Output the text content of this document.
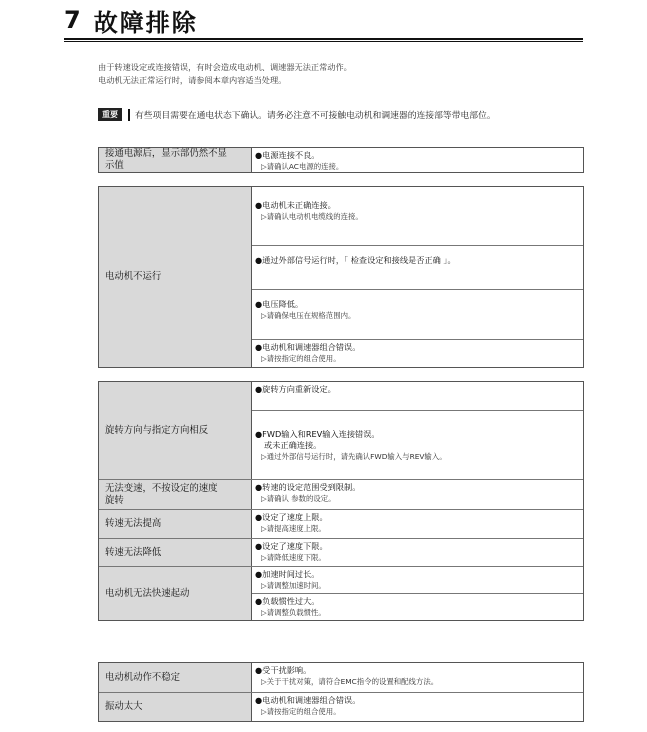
7 故障排除
由于转速设定或连接错误，有时会造成电动机、调速器无法正常动作。
电动机无法正常运行时，请参阅本章内容适当处理。
重要	有些项目需要在通电状态下确认。请务必注意不可接触电动机和调速器的连接部等带电部位。
接通电源后，显示部仍然不显
示值
●电源连接不良。
▷请确认AC电源的连接。
电动机不运行
●电动机未正确连接。
▷请确认电动机电缆线的连接。
●通过外部信号运行时，「 检查设定和接线是否正确 」。
●电压降低。
▷请确保电压在规格范围内。
●电动机和调速器组合错误。
▷请按指定的组合使用。
旋转方向与指定方向相反
无法变速，不按设定的速度
旋转
转速无法提高
转速无法降低
电动机无法快速起动
●旋转方向重新设定。
●FWD输入和REV输入连接错误。
或未正确连接。
▷通过外部信号运行时，请先确认FWD输入与REV输入。
●转速的设定范围受到限制。
▷请确认 参数的设定。
●设定了速度上限。
▷请提高速度上限。
●设定了速度下限。
▷请降低速度下限。
●加速时间过长。
▷请调整加速时间。
●负载惯性过大。
▷请调整负载惯性。
电动机动作不稳定
振动太大
●受干扰影响。
▷关于干扰对策，请符合EMC指令的设置和配线方法。
●电动机和调速器组合错误。
▷请按指定的组合使用。
